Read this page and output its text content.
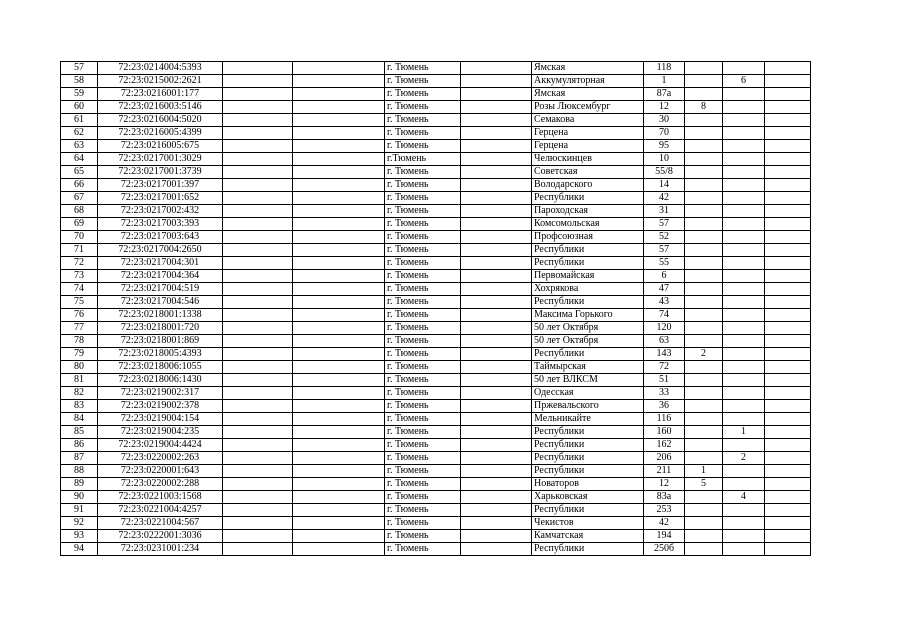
57	72:23:0214004:5393			г. Тюмень		Ямская	118			
58	72:23:0215002:2621			г. Тюмень		Аккумуляторная	1		6	
59	72:23:0216001:177			г. Тюмень		Ямская	87а			
60	72:23:0216003:5146			г. Тюмень		Розы Люксембург	12	8		
61	72:23:0216004:5020			г. Тюмень		Семакова	30			
62	72:23:0216005:4399			г. Тюмень		Герцена	70			
63	72:23:0216005:675			г. Тюмень		Герцена	95			
64	72:23:0217001:3029			г.Тюмень		Челюскинцев	10			
65	72:23:0217001:3739			г. Тюмень		Советская	55/8			
66	72:23:0217001:397			г. Тюмень		Володарского	14			
67	72:23:0217001:652			г. Тюмень		Республики	42			
68	72:23:0217002:432			г. Тюмень		Пароходская	31			
69	72:23:0217003:393			г. Тюмень		Комсомольская	57			
70	72:23:0217003:643			г. Тюмень		Профсоюзная	52			
71	72:23:0217004:2650			г. Тюмень		Республики	57			
72	72:23:0217004:301			г. Тюмень		Республики	55			
73	72:23:0217004:364			г. Тюмень		Первомайская	6			
74	72:23:0217004:519			г. Тюмень		Хохрякова	47			
75	72:23:0217004:546			г. Тюмень		Республики	43			
76	72:23:0218001:1338			г. Тюмень		Максима Горького	74			
77	72:23:0218001:720			г. Тюмень		50 лет Октября	120			
78	72:23:0218001:869			г. Тюмень		50 лет Октября	63			
79	72:23:0218005:4393			г. Тюмень		Республики	143	2		
80	72:23:0218006:1055			г. Тюмень		Таймырская	72			
81	72:23:0218006:1430			г. Тюмень		50 лет ВЛКСМ	51			
82	72:23:0219002:317			г. Тюмень		Одесская	33			
83	72:23:0219002:378			г. Тюмень		Пржевальского	36			
84	72:23:0219004:154			г. Тюмень		Мельникайте	116			
85	72:23:0219004:235			г. Тюмень		Республики	160		1	
86	72:23:0219004:4424			г. Тюмень		Республики	162			
87	72:23:0220002:263			г. Тюмень		Республики	206		2	
88	72:23:0220001:643			г. Тюмень		Республики	211	1		
89	72:23:0220002:288			г. Тюмень		Новаторов	12	5		
90	72:23:0221003:1568			г. Тюмень		Харьковская	83а		4	
91	72:23:0221004:4257			г. Тюмень		Республики	253			
92	72:23:0221004:567			г. Тюмень		Чекистов	42			
93	72:23:0222001:3036			г. Тюмень		Камчатская	194			
94	72:23:0231001:234			г. Тюмень		Республики	250б			
